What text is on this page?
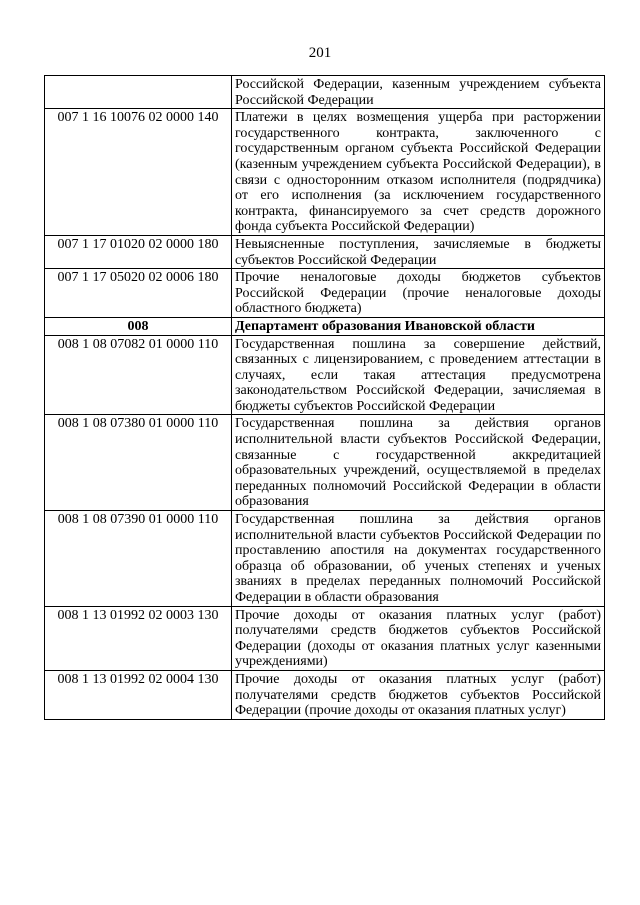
201
	Российской Федерации, казенным учреждением субъекта Российской Федерации
007 1 16 10076 02 0000 140	Платежи в целях возмещения ущерба при расторжении государственного контракта, заключенного с государственным органом субъекта Российской Федерации (казенным учреждением субъекта Российской Федерации), в связи с односторонним отказом исполнителя (подрядчика) от его исполнения (за исключением государственного контракта, финансируемого за счет средств дорожного фонда субъекта Российской Федерации)
007 1 17 01020 02 0000 180	Невыясненные поступления, зачисляемые в бюджеты субъектов Российской Федерации
007 1 17 05020 02 0006 180	Прочие неналоговые доходы бюджетов субъектов Российской Федерации (прочие неналоговые доходы областного бюджета)
008	Департамент образования Ивановской области
008 1 08 07082 01 0000 110	Государственная пошлина за совершение действий, связанных с лицензированием, с проведением аттестации в случаях, если такая аттестация предусмотрена законодательством Российской Федерации, зачисляемая в бюджеты субъектов Российской Федерации
008 1 08 07380 01 0000 110	Государственная пошлина за действия органов исполнительной власти субъектов Российской Федерации, связанные с государственной аккредитацией образовательных учреждений, осуществляемой в пределах переданных полномочий Российской Федерации в области образования
008 1 08 07390 01 0000 110	Государственная пошлина за действия органов исполнительной власти субъектов Российской Федерации по проставлению апостиля на документах государственного образца об образовании, об ученых степенях и ученых званиях в пределах переданных полномочий Российской Федерации в области образования
008 1 13 01992 02 0003 130	Прочие доходы от оказания платных услуг (работ) получателями средств бюджетов субъектов Российской Федерации (доходы от оказания платных услуг казенными учреждениями)
008 1 13 01992 02 0004 130	Прочие доходы от оказания платных услуг (работ) получателями средств бюджетов субъектов Российской Федерации (прочие доходы от оказания платных услуг)
